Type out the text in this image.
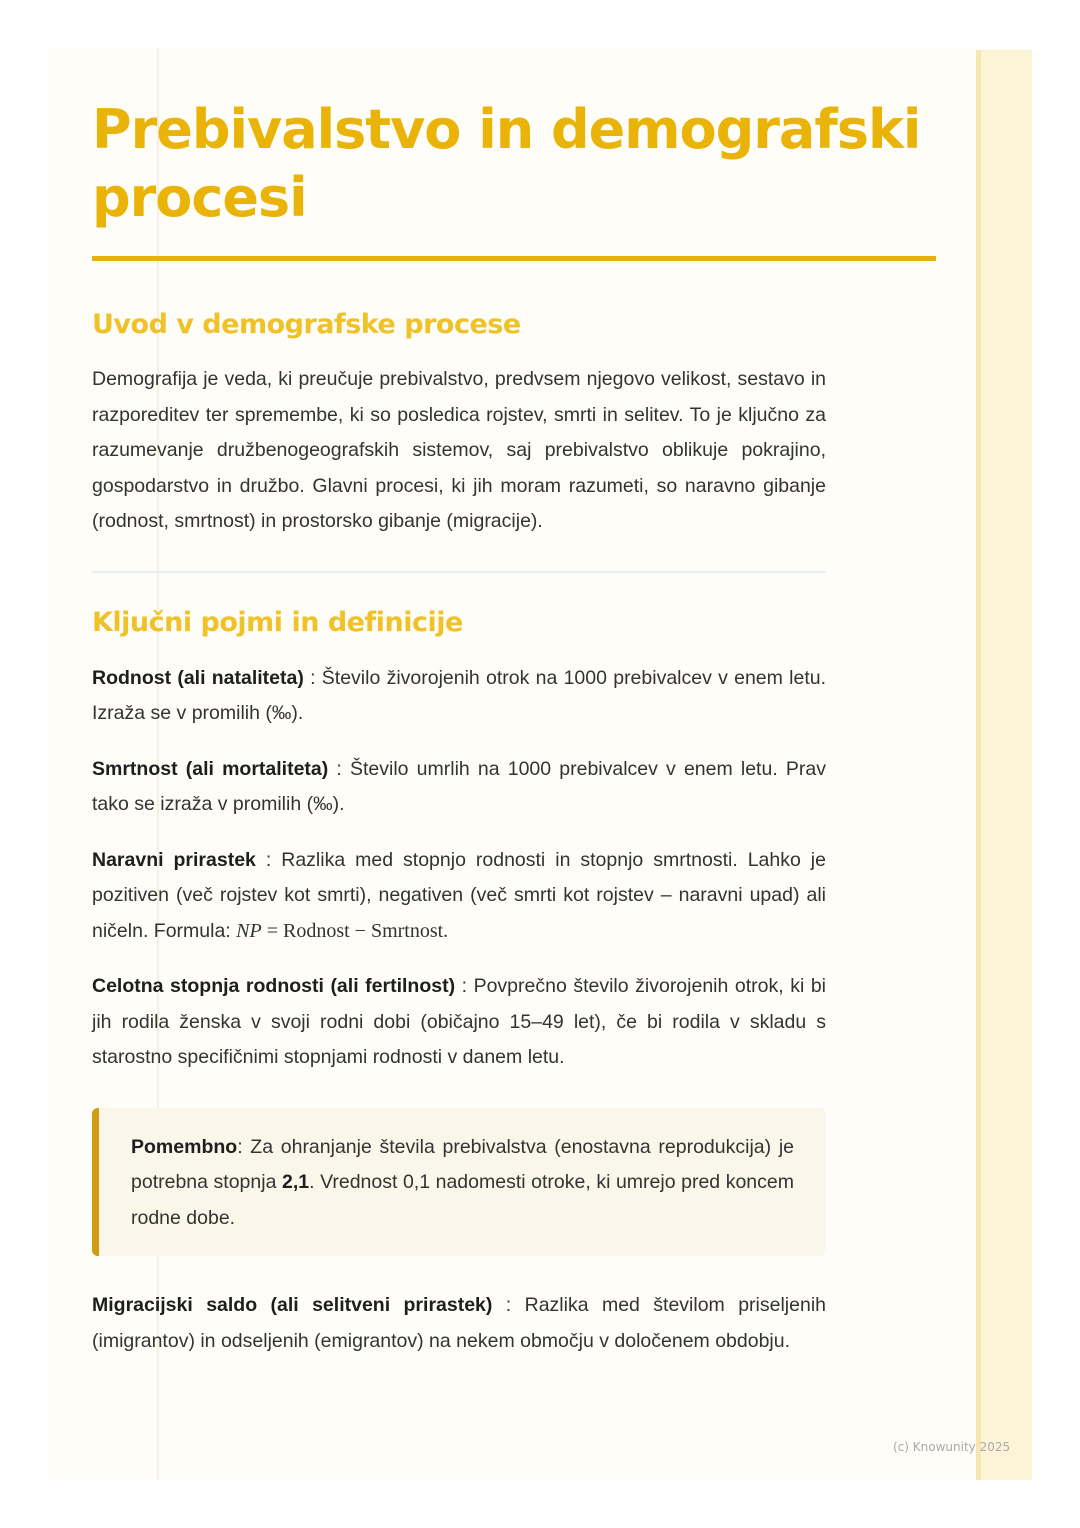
Prebivalstvo in demografski procesi
Uvod v demografske procese

Demografija je veda, ki preučuje prebivalstvo, predvsem njegovo velikost, sestavo in razporeditev ter spremembe, ki so posledica rojstev, smrti in selitev. To je ključno za razumevanje družbenogeografskih sistemov, saj prebivalstvo oblikuje pokrajino, gospodarstvo in družbo. Glavni procesi, ki jih moram razumeti, so naravno gibanje (rodnost, smrtnost) in prostorsko gibanje (migracije).

Ključni pojmi in definicije

Rodnost (ali nataliteta) : Število živorojenih otrok na 1000 prebivalcev v enem letu. Izraža se v promilih (‰).

Smrtnost (ali mortaliteta) : Število umrlih na 1000 prebivalcev v enem letu. Prav tako se izraža v promilih (‰).

Naravni prirastek : Razlika med stopnjo rodnosti in stopnjo smrtnosti. Lahko je pozitiven (več rojstev kot smrti), negativen (več smrti kot rojstev – naravni upad) ali ničeln. Formula: NP = Rodnost − Smrtnost.

Celotna stopnja rodnosti (ali fertilnost) : Povprečno število živorojenih otrok, ki bi jih rodila ženska v svoji rodni dobi (običajno 15–49 let), če bi rodila v skladu s starostno specifičnimi stopnjami rodnosti v danem letu.

Pomembno: Za ohranjanje števila prebivalstva (enostavna reprodukcija) je potrebna stopnja 2,1. Vrednost 0,1 nadomesti otroke, ki umrejo pred koncem rodne dobe.

Migracijski saldo (ali selitveni prirastek) : Razlika med številom priseljenih (imigrantov) in odseljenih (emigrantov) na nekem območju v določenem obdobju.

(c) Knowunity 2025
